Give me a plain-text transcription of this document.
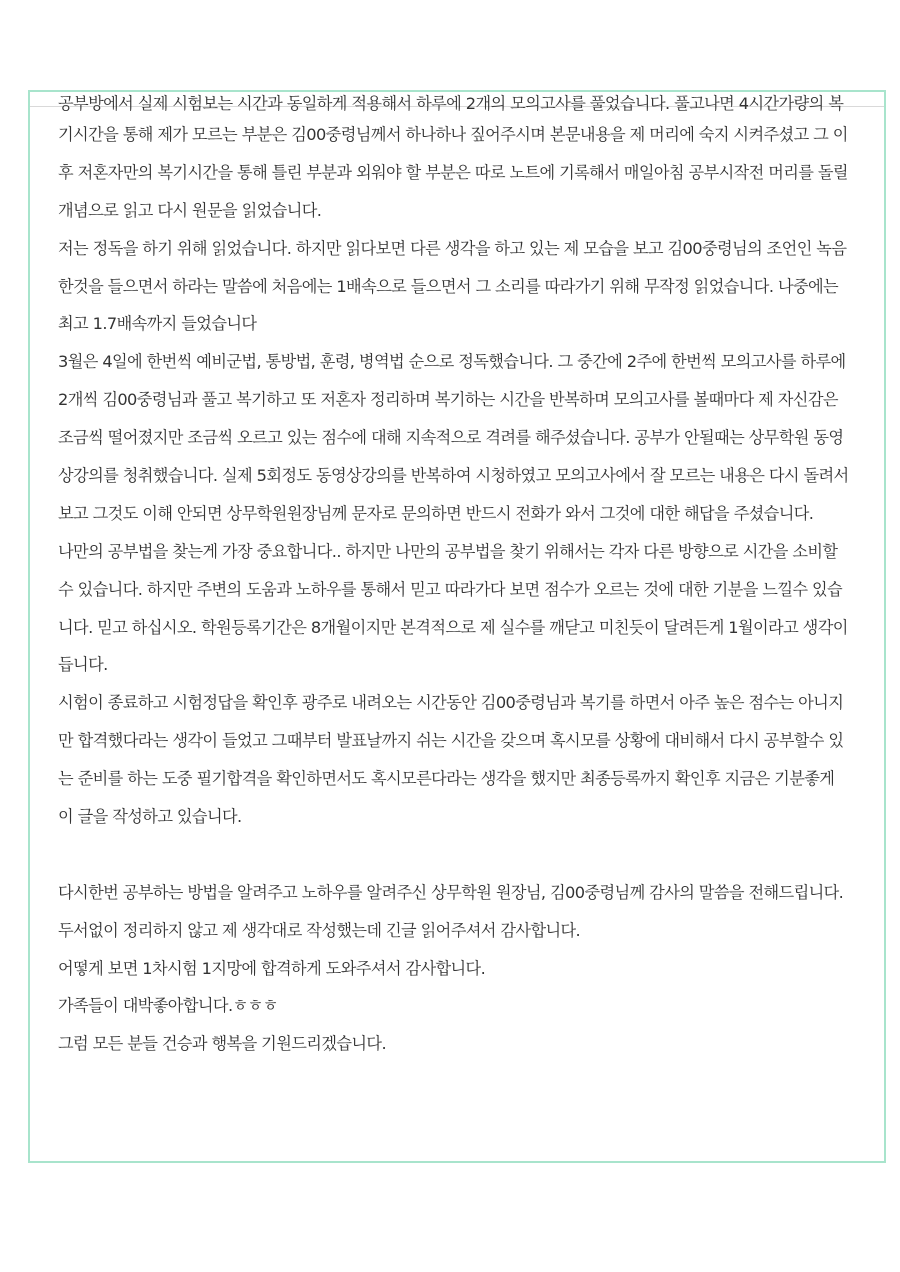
공부방에서 실제 시험보는 시간과 동일하게 적용해서 하루에 2개의 모의고사를 풀었습니다. 풀고나면 4시간가량의 복
기시간을 통해 제가 모르는 부분은 김00중령님께서 하나하나 짚어주시며 본문내용을 제 머리에 숙지 시켜주셨고 그 이
후 저혼자만의 복기시간을 통해 틀린 부분과 외워야 할 부분은 따로 노트에 기록해서 매일아침 공부시작전 머리를 돌릴
개념으로 읽고 다시 원문을 읽었습니다.
저는 정독을 하기 위해 읽었습니다. 하지만 읽다보면 다른 생각을 하고 있는 제 모습을 보고 김00중령님의 조언인 녹음
한것을 들으면서 하라는 말씀에 처음에는 1배속으로 들으면서 그 소리를 따라가기 위해 무작정 읽었습니다. 나중에는
최고 1.7배속까지 들었습니다
3월은 4일에 한번씩 예비군법, 통방법, 훈령, 병역법 순으로 정독했습니다. 그 중간에 2주에 한번씩 모의고사를 하루에
2개씩 김00중령님과 풀고 복기하고 또 저혼자 정리하며 복기하는 시간을 반복하며 모의고사를 볼때마다 제 자신감은
조금씩 떨어졌지만 조금씩 오르고 있는 점수에 대해 지속적으로 격려를 해주셨습니다. 공부가 안될때는 상무학원 동영
상강의를 청취했습니다. 실제 5회정도 동영상강의를 반복하여 시청하였고 모의고사에서 잘 모르는 내용은 다시 돌려서
보고 그것도 이해 안되면 상무학원원장님께 문자로 문의하면 반드시 전화가 와서 그것에 대한 해답을 주셨습니다.
나만의 공부법을 찾는게 가장 중요합니다.. 하지만 나만의 공부법을 찾기 위해서는 각자 다른 방향으로 시간을 소비할
수 있습니다. 하지만 주변의 도움과 노하우를 통해서 믿고 따라가다 보면 점수가 오르는 것에 대한 기분을 느낄수 있습
니다. 믿고 하십시오. 학원등록기간은 8개월이지만 본격적으로 제 실수를 깨닫고 미친듯이 달려든게 1월이라고 생각이
듭니다.
시험이 종료하고 시험정답을 확인후 광주로 내려오는 시간동안 김00중령님과 복기를 하면서 아주 높은 점수는 아니지
만 합격했다라는 생각이 들었고 그때부터 발표날까지 쉬는 시간을 갖으며 혹시모를 상황에 대비해서 다시 공부할수 있
는 준비를 하는 도중 필기합격을 확인하면서도 혹시모른다라는 생각을 했지만 최종등록까지 확인후 지금은 기분좋게
이 글을 작성하고 있습니다.
다시한번 공부하는 방법을 알려주고 노하우를 알려주신 상무학원 원장님, 김00중령님께 감사의 말씀을 전해드립니다.
두서없이 정리하지 않고 제 생각대로 작성했는데 긴글 읽어주셔서 감사합니다.
어떻게 보면 1차시험 1지망에 합격하게 도와주셔서 감사합니다.
가족들이 대박좋아합니다.ㅎㅎㅎ
그럼 모든 분들 건승과 행복을 기원드리겠습니다.
